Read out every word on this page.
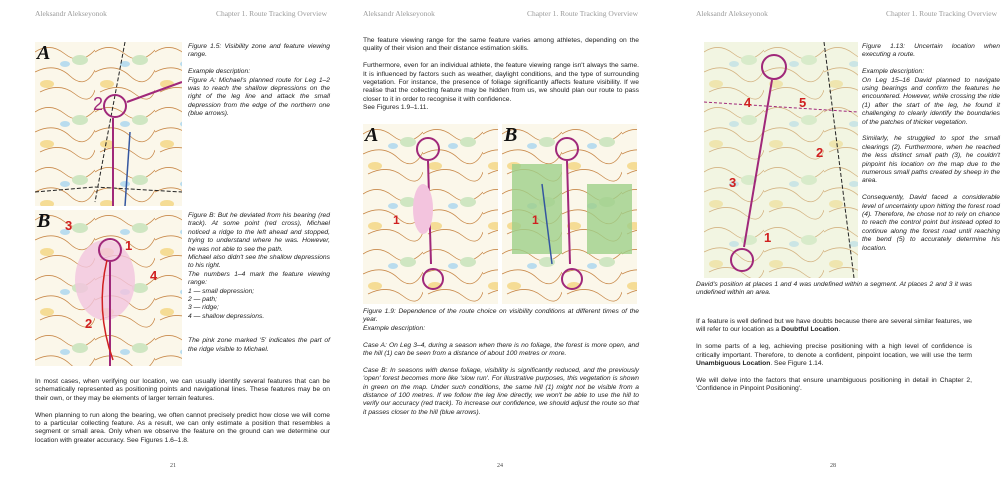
Aleksandr Alekseyonok	Chapter 1. Route Tracking Overview
2
A
3
1
4
2
B

Figure 1.5: Visibility zone and feature viewing range.

Example description:
Figure A: Michael's planned route for Leg 1–2 was to reach the shallow depressions on the right of the leg line and attack the small depression from the edge of the northern one (blue arrows).
Figure B: But he deviated from his bearing (red track). At some point (red cross), Michael noticed a ridge to the left ahead and stopped, trying to understand where he was. However, he was not able to see the path.
Michael also didn't see the shallow depressions to his right.
The numbers 1–4 mark the feature viewing range:
1 — small depression;
2 — path;
3 — ridge;
4 — shallow depressions.
The pink zone marked '5' indicates the part of the ridge visible to Michael.

In most cases, when verifying our location, we can usually identify several features that can be schematically represented as positioning points and navigational lines. These features may be on their own, or they may be elements of larger terrain features.

When planning to run along the bearing, we often cannot precisely predict how close we will come to a particular collecting feature. As a result, we can only estimate a position that resembles a segment or small area. Only when we observe the feature on the ground can we determine our location with greater accuracy. See Figures 1.6–1.8.

21
Aleksandr Alekseyonok	Chapter 1. Route Tracking Overview

The feature viewing range for the same feature varies among athletes, depending on the quality of their vision and their distance estimation skills.

Furthermore, even for an individual athlete, the feature viewing range isn't always the same. It is influenced by factors such as weather, daylight conditions, and the type of surrounding vegetation. For instance, the presence of foliage significantly affects feature visibility. If we realise that the collecting feature may be hidden from us, we should plan our route to pass closer to it in order to recognise it with confidence.
See Figures 1.9–1.11.
1
A
1
B
Figure 1.9: Dependence of the route choice on visibility conditions at different times of the year.

Example description:

Case A: On Leg 3–4, during a season when there is no foliage, the forest is more open, and the hill (1) can be seen from a distance of about 100 metres or more.

Case B: In seasons with dense foliage, visibility is significantly reduced, and the previously 'open' forest becomes more like 'slow run'. For illustrative purposes, this vegetation is shown in green on the map. Under such conditions, the same hill (1) might not be visible from a distance of 100 metres. If we follow the leg line directly, we won't be able to use the hill to verify our accuracy (red track). To increase our confidence, we should adjust the route so that it passes closer to the hill (blue arrows).

24
Aleksandr Alekseyonok	Chapter 1. Route Tracking Overview
4	5
2
3
1

Figure 1.13: Uncertain location when executing a route.

Example description:

On Leg 15–16 David planned to navigate using bearings and confirm the features he encountered. However, while crossing the ride (1) after the start of the leg, he found it challenging to clearly identify the boundaries of the patches of thicker vegetation.

Similarly, he struggled to spot the small clearings (2). Furthermore, when he reached the less distinct small path (3), he couldn't pinpoint his location on the map due to the numerous small paths created by sheep in the area.

Consequently, David faced a considerable level of uncertainty upon hitting the forest road (4). Therefore, he chose not to rely on chance to reach the control point but instead opted to continue along the forest road until reaching the bend (5) to accurately determine his location.

David's position at places 1 and 4 was undefined within a segment. At places 2 and 3 it was undefined within an area.

If a feature is well defined but we have doubts because there are several similar features, we will refer to our location as a Doubtful Location.

In some parts of a leg, achieving precise positioning with a high level of confidence is critically important. Therefore, to denote a confident, pinpoint location, we will use the term Unambiguous Location. See Figure 1.14.

We will delve into the factors that ensure unambiguous positioning in detail in Chapter 2, 'Confidence in Pinpoint Positioning'.

28
